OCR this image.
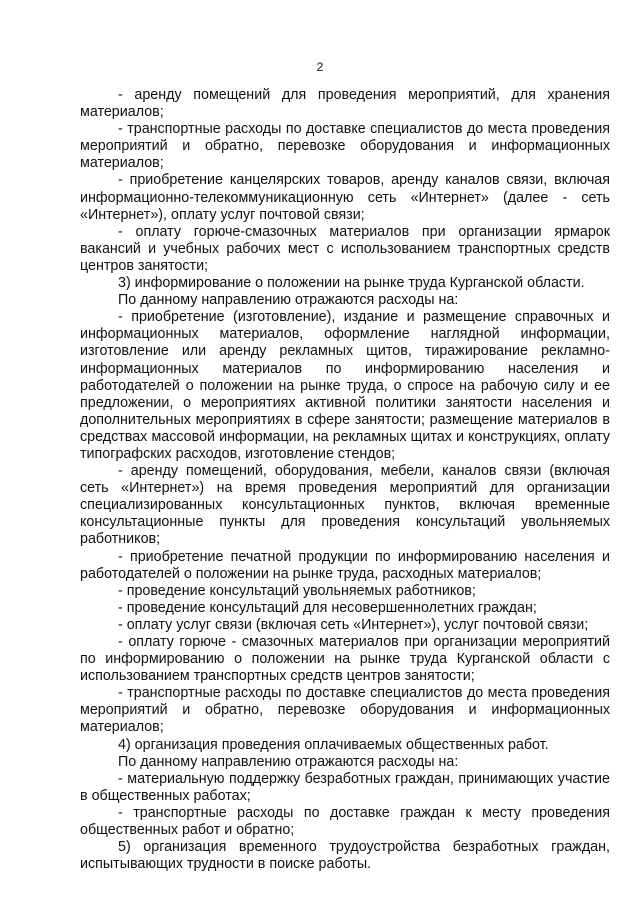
2

- аренду помещений для проведения мероприятий, для хранения материалов;

- транспортные расходы по доставке специалистов до места проведения мероприятий и обратно, перевозке оборудования и информационных материалов;

- приобретение канцелярских товаров, аренду каналов связи, включая информационно-телекоммуникационную сеть «Интернет» (далее - сеть «Интернет»), оплату услуг почтовой связи;

- оплату горюче-смазочных материалов при организации ярмарок вакансий и учебных рабочих мест с использованием транспортных средств центров занятости;

3) информирование о положении на рынке труда Курганской области.

По данному направлению отражаются расходы на:

- приобретение (изготовление), издание и размещение справочных и информационных материалов, оформление наглядной информации, изготовление или аренду рекламных щитов, тиражирование рекламно-информационных материалов по информированию населения и работодателей о положении на рынке труда, о спросе на рабочую силу и ее предложении, о мероприятиях активной политики занятости населения и дополнительных мероприятиях в сфере занятости; размещение материалов в средствах массовой информации, на рекламных щитах и конструкциях, оплату типографских расходов, изготовление стендов;

- аренду помещений, оборудования, мебели, каналов связи (включая сеть «Интернет») на время проведения мероприятий для организации специализированных консультационных пунктов, включая временные консультационные пункты для проведения консультаций увольняемых работников;

- приобретение печатной продукции по информированию населения и работодателей о положении на рынке труда, расходных материалов;

- проведение консультаций увольняемых работников;

- проведение консультаций для несовершеннолетних граждан;

- оплату услуг связи (включая сеть «Интернет»), услуг почтовой связи;

- оплату горюче - смазочных материалов при организации мероприятий по информированию о положении на рынке труда Курганской области с использованием транспортных средств центров занятости;

- транспортные расходы по доставке специалистов до места проведения мероприятий и обратно, перевозке оборудования и информационных материалов;

4) организация проведения оплачиваемых общественных работ.

По данному направлению отражаются расходы на:

- материальную поддержку безработных граждан, принимающих участие в общественных работах;

- транспортные расходы по доставке граждан к месту проведения общественных работ и обратно;

5) организация временного трудоустройства безработных граждан, испытывающих трудности в поиске работы.
